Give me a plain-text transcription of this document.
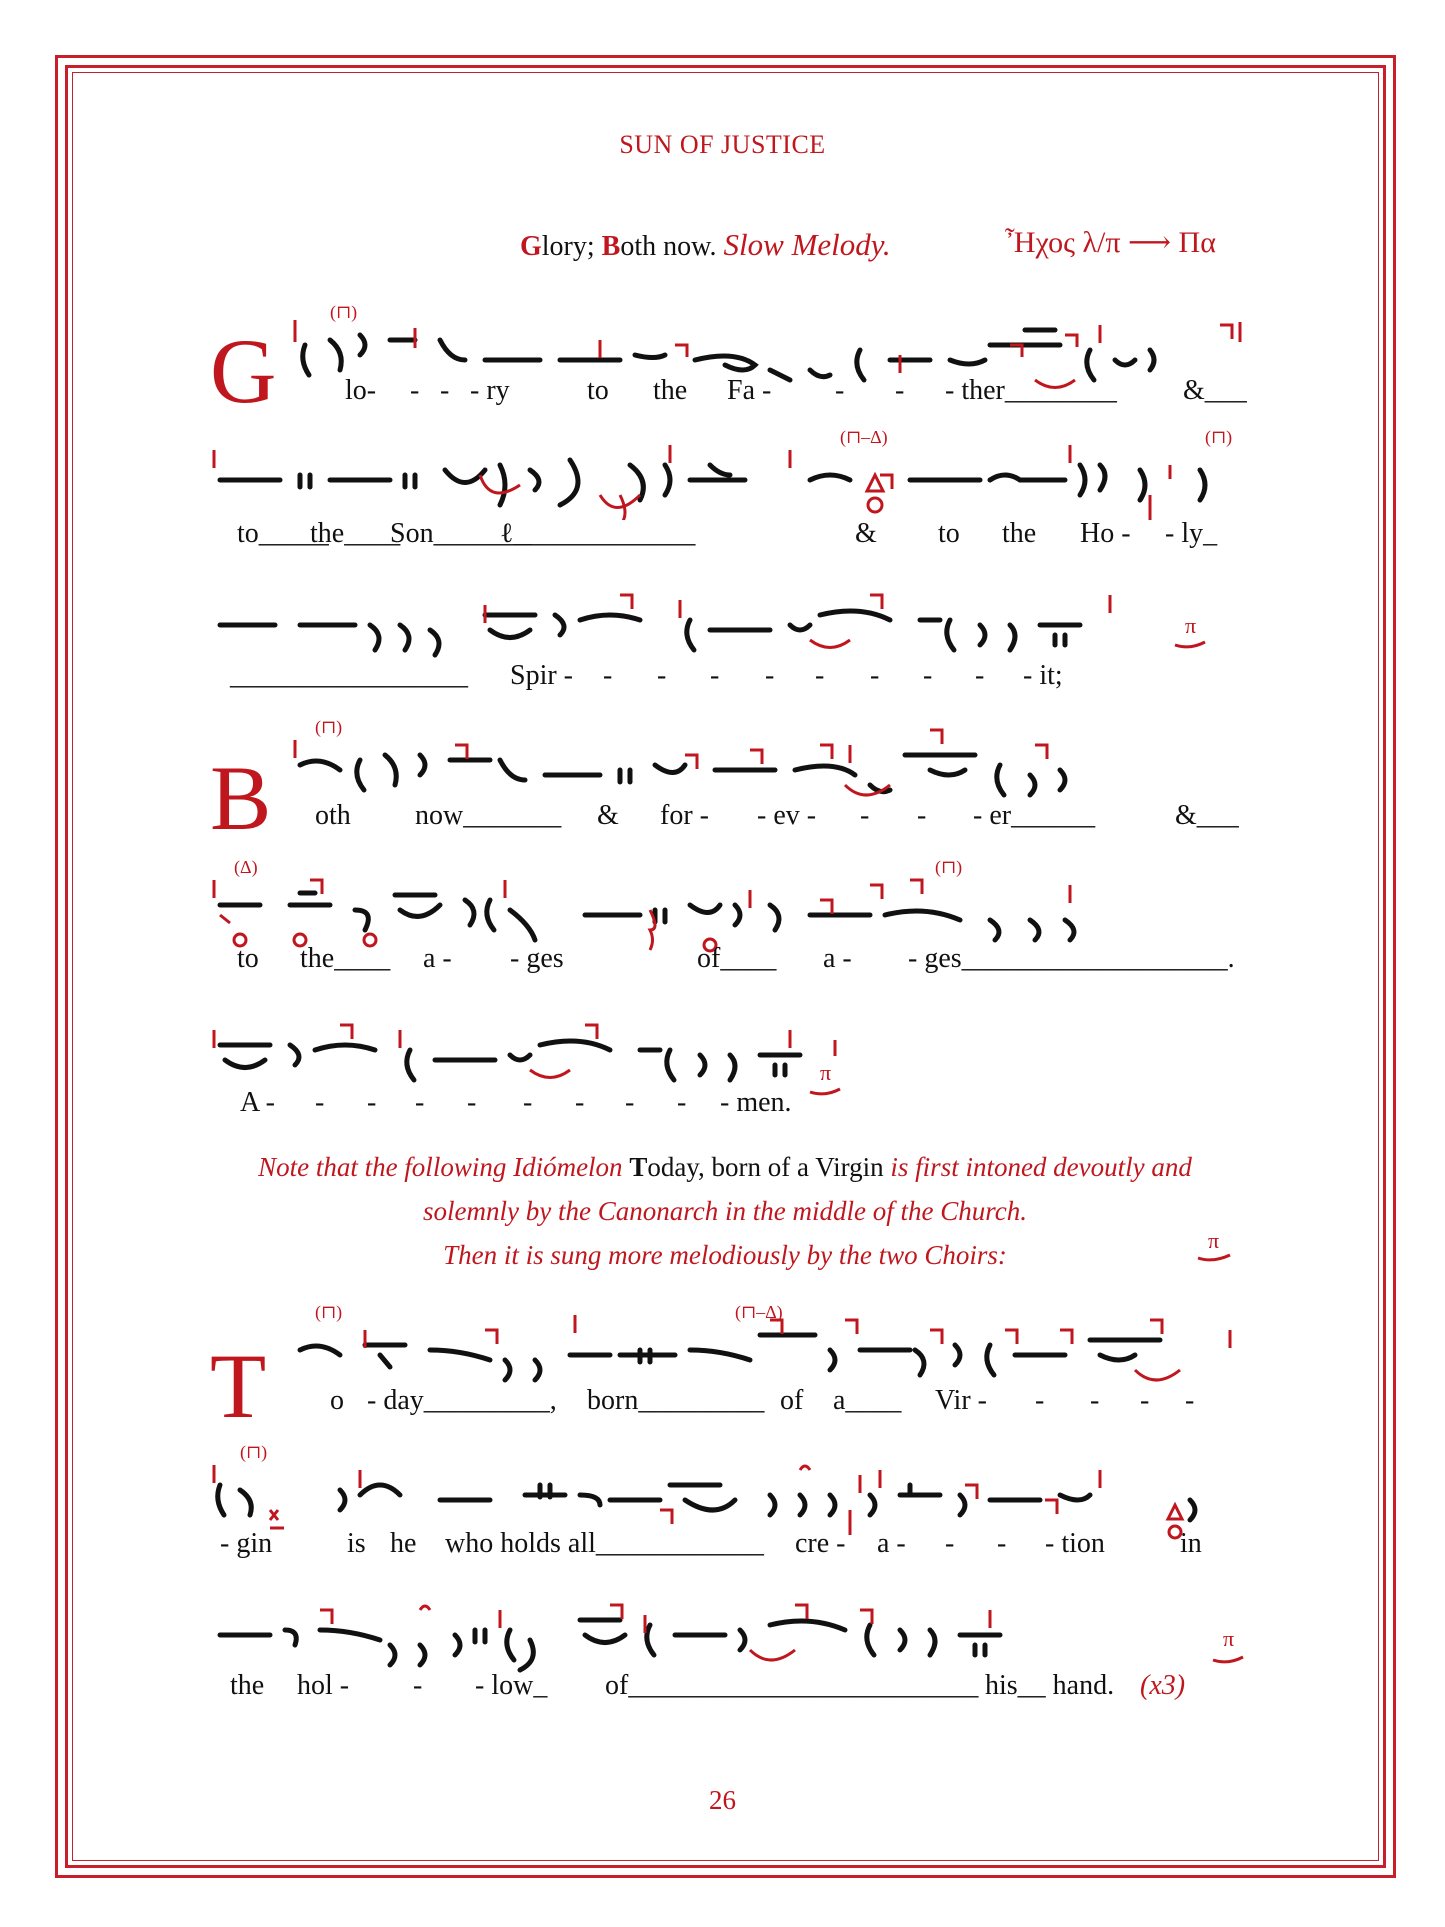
SUN OF JUSTICE
Glory; Both now. Slow Melody.	Ἦχος λ/π ⟶ Πα
G
(⊓)
lo- - - - ry	to the Fa - - - - ther________ &___
(⊓–Δ)	(⊓)
to_____
the____
Son_______
ℓ_____________	& to the Ho - - ly_
π
_________________ Spir - - - - - - - - - - it;
B
(⊓)
oth now_______ & for - - ev - - - - er______	&___
(Δ)	(⊓)
to the____ a - - ges	of____ a - - ges___________________.
π
A - - - - - - - - - - men.
Note that the following Idiómelon Today, born of a Virgin is first intoned devoutly and
solemnly by the Canonarch in the middle of the Church.
Then it is sung more melodiously by the two Choirs:	π
T
(⊓)	(⊓–Δ)
o - day_________, born_________ of a____ Vir - - - - -
(⊓)
- gin	is he who holds all____________ cre - a - - - - tion	in
π
the hol - - - low_ of_________________________ his__ hand. (x3)
26
